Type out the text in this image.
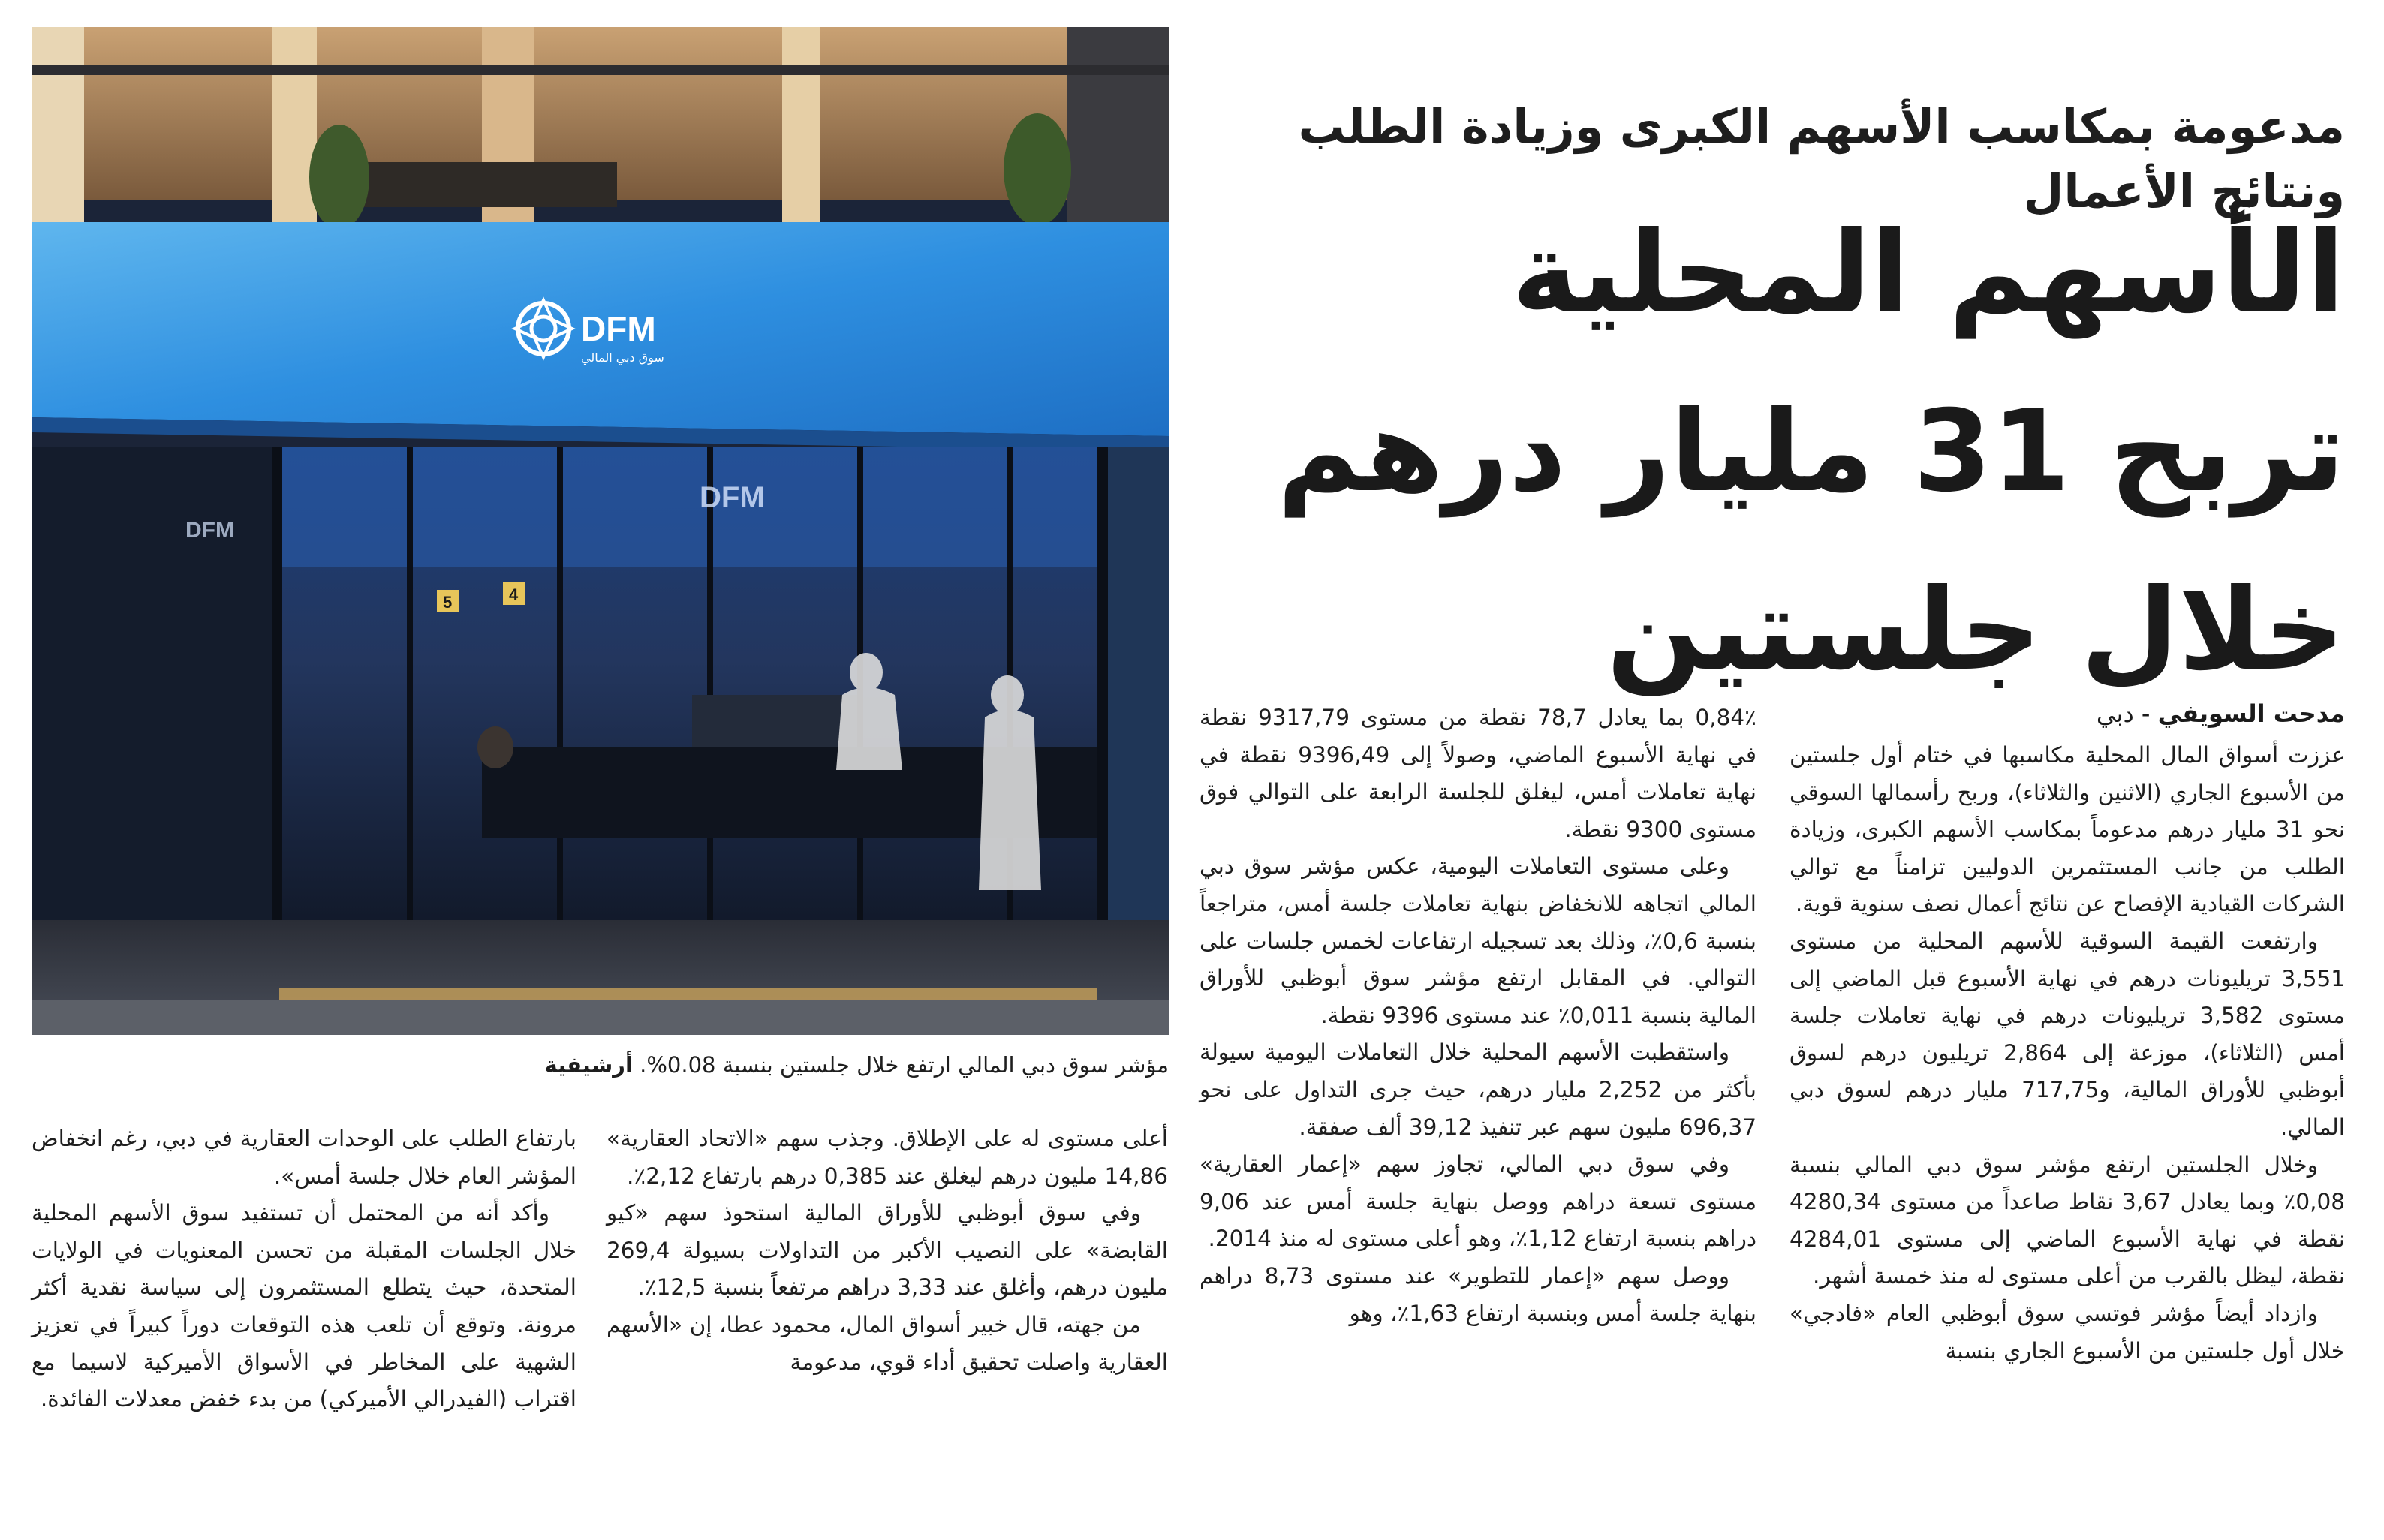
مدعومة بمكاسب الأسهم الكبرى وزيادة الطلب ونتائج الأعمال
الأسهم المحلية
تربح 31 مليار درهم
خلال جلستين
DFM
سوق دبي المالي
DFM
DFM
5	4
مؤشر سوق دبي المالي ارتفع خلال جلستين بنسبة 0.08%. أرشيفية
مدحت السويفي - دبي

عززت أسواق المال المحلية مكاسبها في ختام أول جلستين من الأسبوع الجاري (الاثنين والثلاثاء)، وربح رأسمالها السوقي نحو 31 مليار درهم مدعوماً بمكاسب الأسهم الكبرى، وزيادة الطلب من جانب المستثمرين الدوليين تزامناً مع توالي الشركات القيادية الإفصاح عن نتائج أعمال نصف سنوية قوية.

وارتفعت القيمة السوقية للأسهم المحلية من مستوى 3,551 تريليونات درهم في نهاية الأسبوع قبل الماضي إلى مستوى 3,582 تريليونات درهم في نهاية تعاملات جلسة أمس (الثلاثاء)، موزعة إلى 2,864 تريليون درهم لسوق أبوظبي للأوراق المالية، و717,75 مليار درهم لسوق دبي المالي.

وخلال الجلستين ارتفع مؤشر سوق دبي المالي بنسبة 0,08٪ وبما يعادل 3,67 نقاط صاعداً من مستوى 4280,34 نقطة في نهاية الأسبوع الماضي إلى مستوى 4284,01 نقطة، ليظل بالقرب من أعلى مستوى له منذ خمسة أشهر.

وازداد أيضاً مؤشر فوتسي سوق أبوظبي العام «فادجي» خلال أول جلستين من الأسبوع الجاري بنسبة

0,84٪ بما يعادل 78,7 نقطة من مستوى 9317,79 نقطة في نهاية الأسبوع الماضي، وصولاً إلى 9396,49 نقطة في نهاية تعاملات أمس، ليغلق للجلسة الرابعة على التوالي فوق مستوى 9300 نقطة.

وعلى مستوى التعاملات اليومية، عكس مؤشر سوق دبي المالي اتجاهه للانخفاض بنهاية تعاملات جلسة أمس، متراجعاً بنسبة 0,6٪، وذلك بعد تسجيله ارتفاعات لخمس جلسات على التوالي. في المقابل ارتفع مؤشر سوق أبوظبي للأوراق المالية بنسبة 0,011٪ عند مستوى 9396 نقطة.

واستقطبت الأسهم المحلية خلال التعاملات اليومية سيولة بأكثر من 2,252 مليار درهم، حيث جرى التداول على نحو 696,37 مليون سهم عبر تنفيذ 39,12 ألف صفقة.

وفي سوق دبي المالي، تجاوز سهم «إعمار العقارية» مستوى تسعة دراهم ووصل بنهاية جلسة أمس عند 9,06 دراهم بنسبة ارتفاع 1,12٪، وهو أعلى مستوى له منذ 2014.

ووصل سهم «إعمار للتطوير» عند مستوى 8,73 دراهم بنهاية جلسة أمس وبنسبة ارتفاع 1,63٪، وهو

أعلى مستوى له على الإطلاق. وجذب سهم «الاتحاد العقارية» 14,86 مليون درهم ليغلق عند 0,385 درهم بارتفاع 2,12٪.

وفي سوق أبوظبي للأوراق المالية استحوذ سهم «كيو القابضة» على النصيب الأكبر من التداولات بسيولة 269,4 مليون درهم، وأغلق عند 3,33 دراهم مرتفعاً بنسبة 12,5٪.

من جهته، قال خبير أسواق المال، محمود عطا، إن «الأسهم العقارية واصلت تحقيق أداء قوي، مدعومة

بارتفاع الطلب على الوحدات العقارية في دبي، رغم انخفاض المؤشر العام خلال جلسة أمس».

وأكد أنه من المحتمل أن تستفيد سوق الأسهم المحلية خلال الجلسات المقبلة من تحسن المعنويات في الولايات المتحدة، حيث يتطلع المستثمرون إلى سياسة نقدية أكثر مرونة. وتوقع أن تلعب هذه التوقعات دوراً كبيراً في تعزيز الشهية على المخاطر في الأسواق الأميركية لاسيما مع اقتراب (الفيدرالي الأميركي) من بدء خفض معدلات الفائدة.
